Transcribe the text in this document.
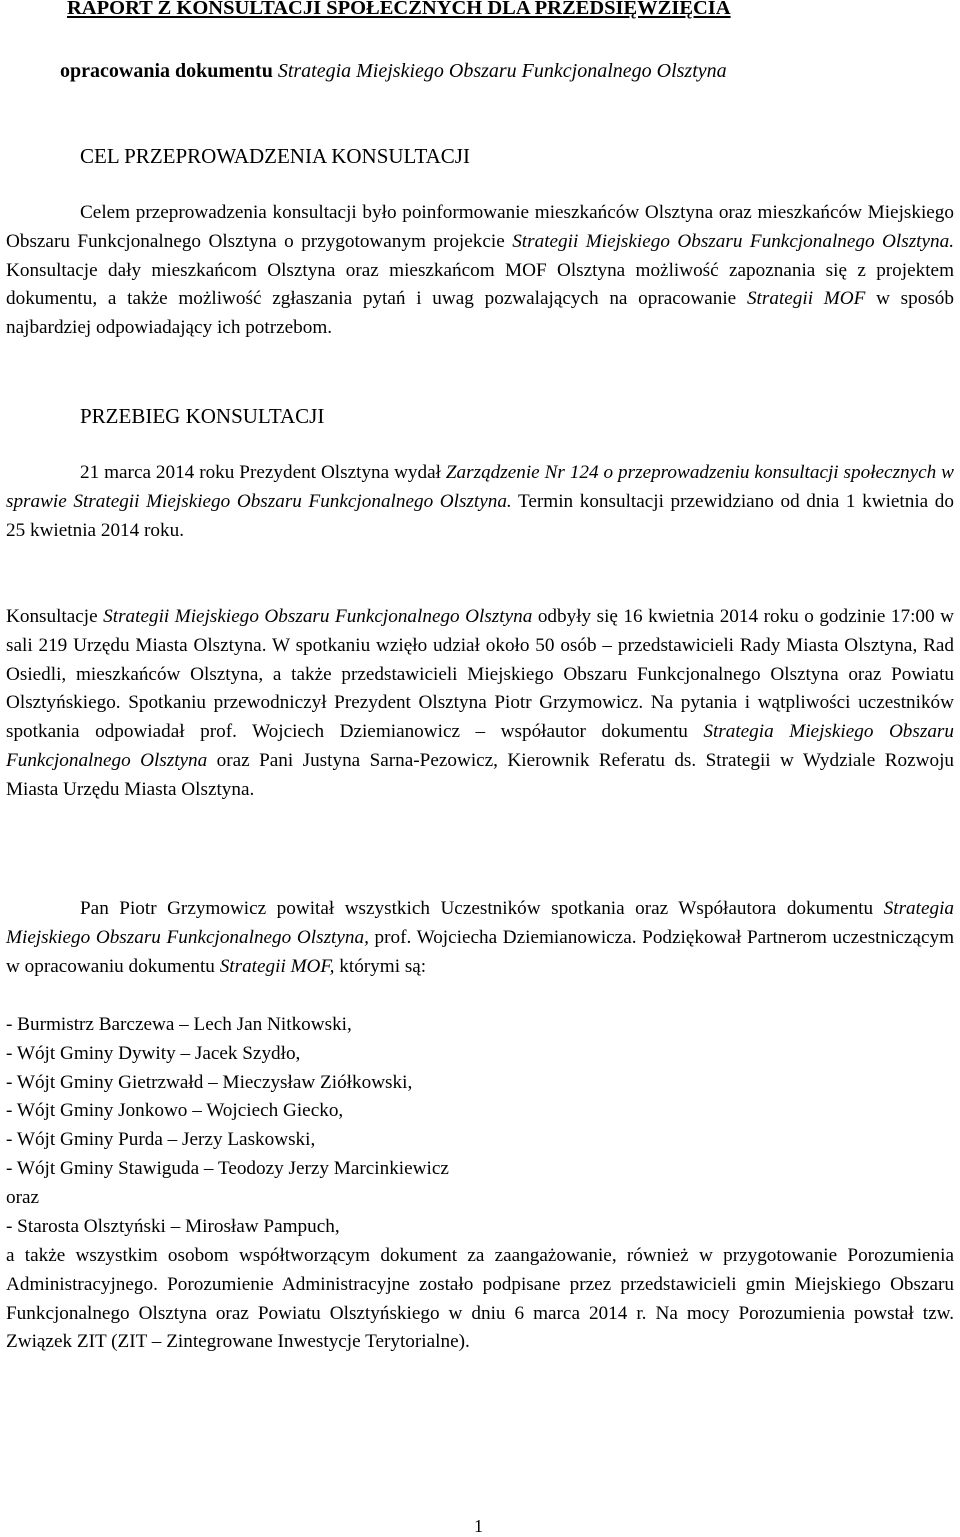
RAPORT Z KONSULTACJI SPOŁECZNYCH DLA PRZEDSIĘWZIĘCIA
opracowania dokumentu Strategia Miejskiego Obszaru Funkcjonalnego Olsztyna
CEL PRZEPROWADZENIA KONSULTACJI
Celem przeprowadzenia konsultacji było poinformowanie mieszkańców Olsztyna oraz mieszkańców Miejskiego Obszaru Funkcjonalnego Olsztyna o przygotowanym projekcie Strategii Miejskiego Obszaru Funkcjonalnego Olsztyna. Konsultacje dały mieszkańcom Olsztyna oraz mieszkańcom MOF Olsztyna możliwość zapoznania się z projektem dokumentu, a także możliwość zgłaszania pytań i uwag pozwalających na opracowanie Strategii MOF w sposób najbardziej odpowiadający ich potrzebom.
PRZEBIEG KONSULTACJI
21 marca 2014 roku Prezydent Olsztyna wydał Zarządzenie Nr 124 o przeprowadzeniu konsultacji społecznych w sprawie Strategii Miejskiego Obszaru Funkcjonalnego Olsztyna. Termin konsultacji przewidziano od dnia 1 kwietnia do 25 kwietnia 2014 roku.
Konsultacje Strategii Miejskiego Obszaru Funkcjonalnego Olsztyna odbyły się 16 kwietnia 2014 roku o godzinie 17:00 w sali 219 Urzędu Miasta Olsztyna. W spotkaniu wzięło udział około 50 osób – przedstawicieli Rady Miasta Olsztyna, Rad Osiedli, mieszkańców Olsztyna, a także przedstawicieli Miejskiego Obszaru Funkcjonalnego Olsztyna oraz Powiatu Olsztyńskiego. Spotkaniu przewodniczył Prezydent Olsztyna Piotr Grzymowicz. Na pytania i wątpliwości uczestników spotkania odpowiadał prof. Wojciech Dziemianowicz – współautor dokumentu Strategia Miejskiego Obszaru Funkcjonalnego Olsztyna oraz Pani Justyna Sarna-Pezowicz, Kierownik Referatu ds. Strategii w Wydziale Rozwoju Miasta Urzędu Miasta Olsztyna.
Pan Piotr Grzymowicz powitał wszystkich Uczestników spotkania oraz Współautora dokumentu Strategia Miejskiego Obszaru Funkcjonalnego Olsztyna, prof. Wojciecha Dziemianowicza. Podziękował Partnerom uczestniczącym w opracowaniu dokumentu Strategii MOF, którymi są:
- Burmistrz Barczewa – Lech Jan Nitkowski,
- Wójt Gminy Dywity – Jacek Szydło,
- Wójt Gminy Gietrzwałd – Mieczysław Ziółkowski,
- Wójt Gminy Jonkowo – Wojciech Giecko,
- Wójt Gminy Purda – Jerzy Laskowski,
- Wójt Gminy Stawiguda – Teodozy Jerzy Marcinkiewicz
oraz
- Starosta Olsztyński – Mirosław Pampuch,
a także wszystkim osobom współtworzącym dokument za zaangażowanie, również w przygotowanie Porozumienia Administracyjnego. Porozumienie Administracyjne zostało podpisane przez przedstawicieli gmin Miejskiego Obszaru Funkcjonalnego Olsztyna oraz Powiatu Olsztyńskiego w dniu 6 marca 2014 r. Na mocy Porozumienia powstał tzw. Związek ZIT (ZIT – Zintegrowane Inwestycje Terytorialne).
1
